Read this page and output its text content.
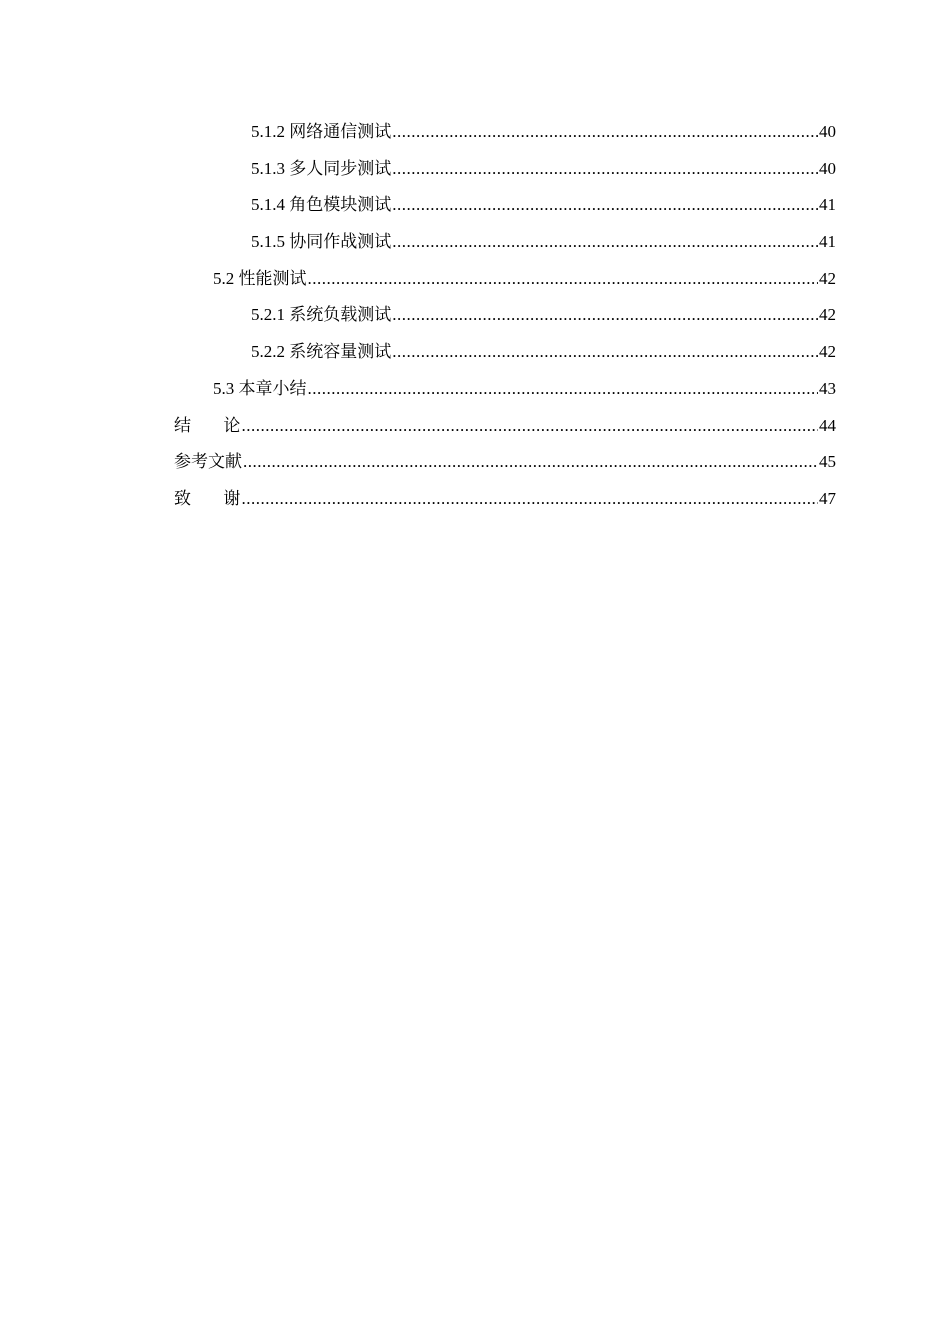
5.1.2 网络通信测试 .....	40
5.1.3 多人同步测试 .....	40
5.1.4 角色模块测试 .....	41
5.1.5 协同作战测试 .....	41
5.2 性能测试 .....	42
5.2.1 系统负载测试 .....	42
5.2.2 系统容量测试 .....	42
5.3 本章小结 .....	43
结      论 .....	44
参考文献 .....	45
致      谢 .....	47
